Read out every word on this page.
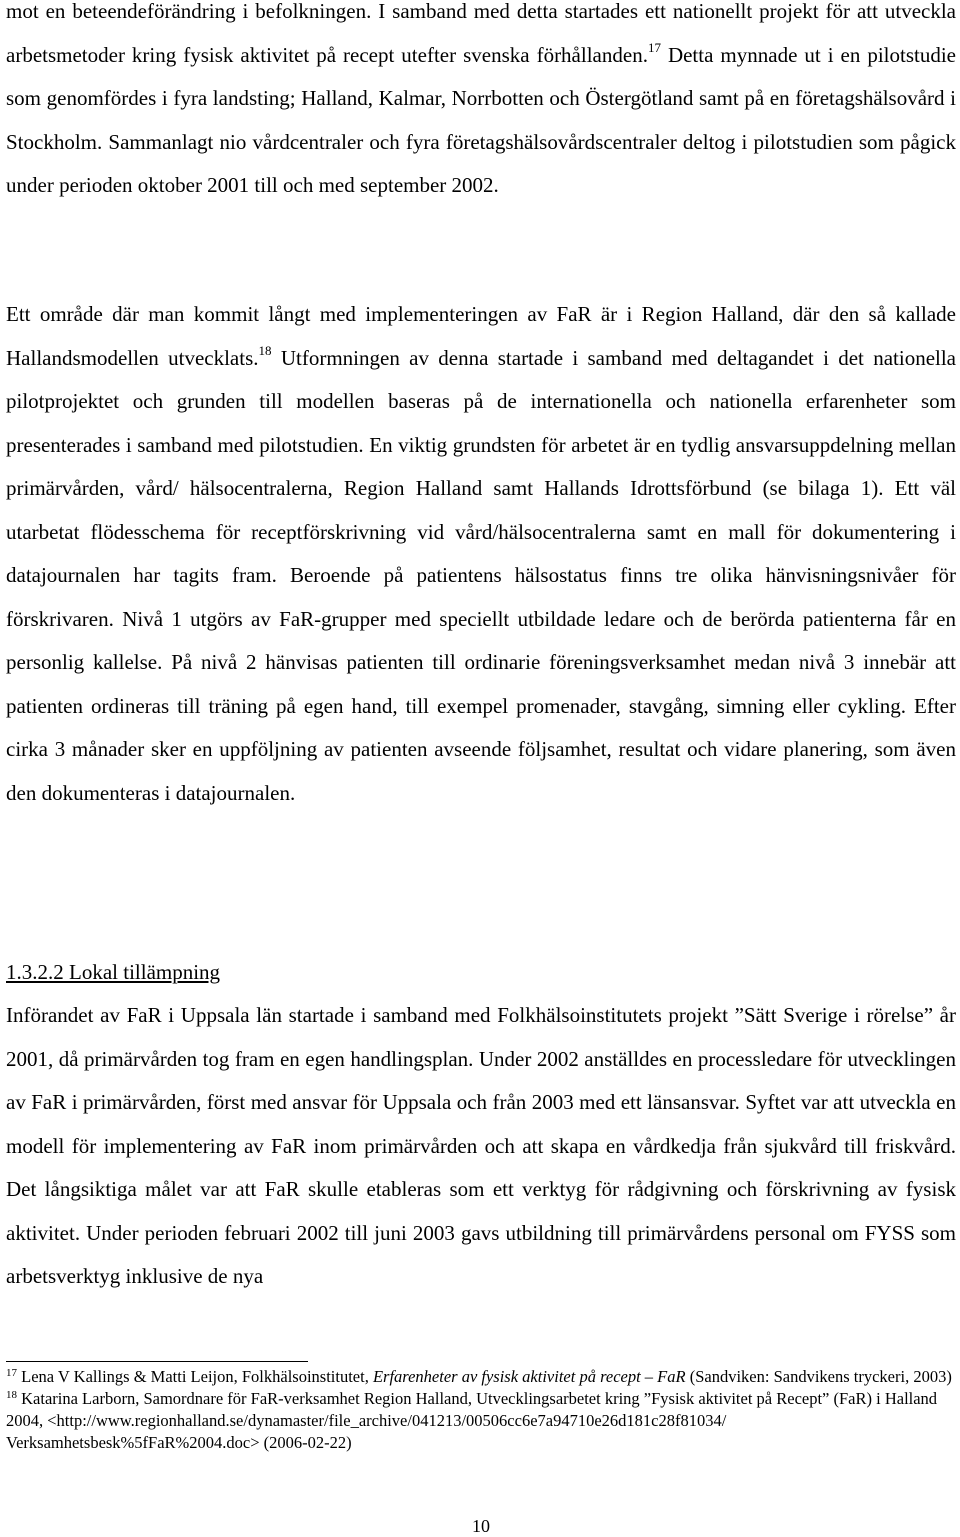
mot en beteendeförändring i befolkningen. I samband med detta startades ett nationellt projekt för att utveckla arbetsmetoder kring fysisk aktivitet på recept utefter svenska förhållanden.$^{17}$ Detta mynnade ut i en pilotstudie som genomfördes i fyra landsting; Halland, Kalmar, Norrbotten och Östergötland samt på en företagshälsovård i Stockholm. Sammanlagt nio vårdcentraler och fyra företagshälsovårdscentraler deltog i pilotstudien som pågick under perioden oktober 2001 till och med september 2002.

Ett område där man kommit långt med implementeringen av FaR är i Region Halland, där den så kallade Hallandsmodellen utvecklats.$^{18}$ Utformningen av denna startade i samband med deltagandet i det nationella pilotprojektet och grunden till modellen baseras på de internationella och nationella erfarenheter som presenterades i samband med pilotstudien. En viktig grundsten för arbetet är en tydlig ansvarsuppdelning mellan primärvården, vård/ hälsocentralerna, Region Halland samt Hallands Idrottsförbund (se bilaga 1). Ett väl utarbetat flödesschema för receptförskrivning vid vård/hälsocentralerna samt en mall för dokumentering i datajournalen har tagits fram. Beroende på patientens hälsostatus finns tre olika hänvisningsnivåer för förskrivaren. Nivå 1 utgörs av FaR-grupper med speciellt utbildade ledare och de berörda patienterna får en personlig kallelse. På nivå 2 hänvisas patienten till ordinarie föreningsverksamhet medan nivå 3 innebär att patienten ordineras till träning på egen hand, till exempel promenader, stavgång, simning eller cykling. Efter cirka 3 månader sker en uppföljning av patienten avseende följsamhet, resultat och vidare planering, som även den dokumenteras i datajournalen.

1.3.2.2 Lokal tillämpning

Införandet av FaR i Uppsala län startade i samband med Folkhälsoinstitutets projekt ”Sätt Sverige i rörelse” år 2001, då primärvården tog fram en egen handlingsplan. Under 2002 anställdes en processledare för utvecklingen av FaR i primärvården, först med ansvar för Uppsala och från 2003 med ett länsansvar. Syftet var att utveckla en modell för implementering av FaR inom primärvården och att skapa en vårdkedja från sjukvård till friskvård. Det långsiktiga målet var att FaR skulle etableras som ett verktyg för rådgivning och förskrivning av fysisk aktivitet. Under perioden februari 2002 till juni 2003 gavs utbildning till primärvårdens personal om FYSS som arbetsverktyg inklusive de nya

$^{17}$ Lena V Kallings & Matti Leijon, Folkhälsoinstitutet, Erfarenheter av fysisk aktivitet på recept – FaR (Sandviken: Sandvikens tryckeri, 2003)

$^{18}$ Katarina Larborn, Samordnare för FaR-verksamhet Region Halland, Utvecklingsarbetet kring ”Fysisk aktivitet på Recept” (FaR) i Halland 2004, <http://www.regionhalland.se/dynamaster/file_archive/041213/00506cc6e7a94710e26d181c28f81034/ Verksamhetsbesk%5fFaR%2004.doc> (2006-02-22)

10
